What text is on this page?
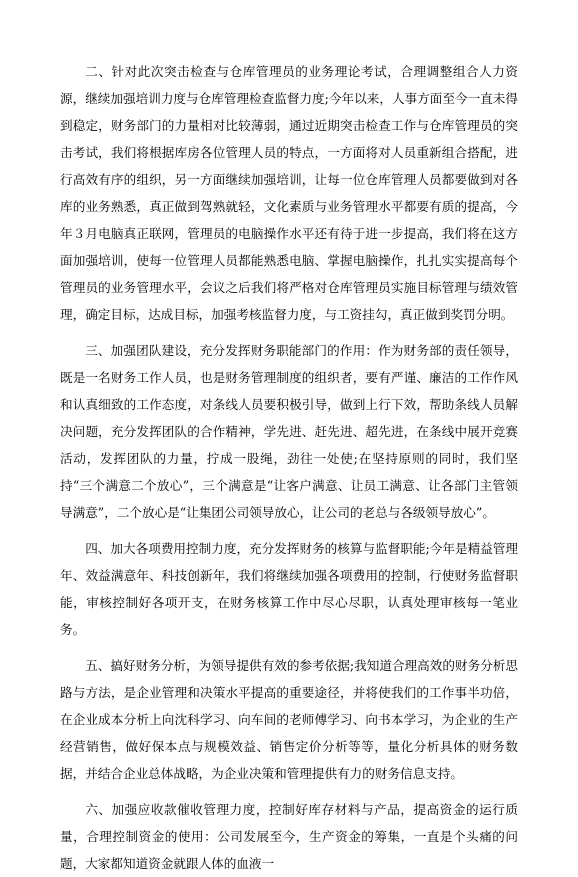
二、针对此次突击检查与仓库管理员的业务理论考试，合理调整组合人力资源，继续加强培训力度与仓库管理检查监督力度;今年以来，人事方面至今一直未得到稳定，财务部门的力量相对比较薄弱，通过近期突击检查工作与仓库管理员的突击考试，我们将根据库房各位管理人员的特点，一方面将对人员重新组合搭配，进行高效有序的组织，另一方面继续加强培训，让每一位仓库管理人员都要做到对各库的业务熟悉，真正做到驾熟就轻，文化素质与业务管理水平都要有质的提高，今年３月电脑真正联网，管理员的电脑操作水平还有待于进一步提高，我们将在这方面加强培训，使每一位管理人员都能熟悉电脑、掌握电脑操作，扎扎实实提高每个管理员的业务管理水平，会议之后我们将严格对仓库管理员实施目标管理与绩效管理，确定目标，达成目标，加强考核监督力度，与工资挂勾，真正做到奖罚分明。

三、加强团队建设，充分发挥财务职能部门的作用：作为财务部的责任领导，既是一名财务工作人员，也是财务管理制度的组织者，要有严谨、廉洁的工作作风和认真细致的工作态度，对条线人员要积极引导，做到上行下效，帮助条线人员解决问题，充分发挥团队的合作精神，学先进、赶先进、超先进，在条线中展开竞赛活动，发挥团队的力量，拧成一股绳，劲往一处使;在坚持原则的同时，我们坚持“三个满意二个放心”，三个满意是“让客户满意、让员工满意、让各部门主管领导满意”，二个放心是“让集团公司领导放心，让公司的老总与各级领导放心”。

四、加大各项费用控制力度，充分发挥财务的核算与监督职能;今年是精益管理年、效益满意年、科技创新年，我们将继续加强各项费用的控制，行使财务监督职能，审核控制好各项开支，在财务核算工作中尽心尽职，认真处理审核每一笔业务。

五、搞好财务分析，为领导提供有效的参考依据;我知道合理高效的财务分析思路与方法，是企业管理和决策水平提高的重要途径，并将使我们的工作事半功倍，在企业成本分析上向沈科学习、向车间的老师傅学习、向书本学习，为企业的生产经营销售，做好保本点与规模效益、销售定价分析等等，量化分析具体的财务数据，并结合企业总体战略，为企业决策和管理提供有力的财务信息支持。

六、加强应收款催收管理力度，控制好库存材料与产品，提高资金的运行质量，合理控制资金的使用：公司发展至今，生产资金的筹集，一直是个头痛的问题，大家都知道资金就跟人体的血液一
